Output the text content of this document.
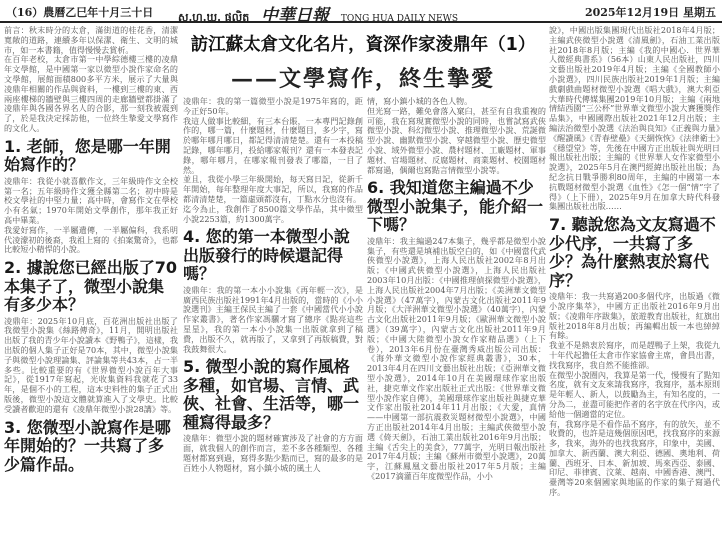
（16）農曆乙巳年十月三十日 ស.ហ.ឃ. ផលិត 中華日報 TONG HUA DAILY NEWS	2025年12月19日 星期五
訪江蘇太倉文化名片，資深作家淩鼎年（1）
——文學寫作，終生摯愛

前言：秋末時分的太倉，滿街道的桂花香，清潔寬敞的道路，連續多年以保潔、衛生、文明的城市，如一本書籍，值得慢慢去賞析。

在百年老校，太倉市第一中學綜德樓三樓的凌鼎年文學館，是中國第一家以微型小說作家命名的文學館，展館面積800多平方米，展示了大量與凌鼎年相關的作品與資料，一樓到三樓的東、西兩座樓梯的牆壁與三樓四周的走廊牆壁都掛滿了凌鼎年與各國各界名人的合影，那一刻我被震到了，於是我決定採訪他，一位終生摯愛文學寫作的文化人。

1. 老師，您是哪一年開始寫作的？

凌鼎年：我從小就喜歡作文，三年級時作文全校第一名；五年級時作文獲全縣第二名；初中時是校文學社的中堅力量；高中時，會寫作文在學校小有名氣；1970年開始文學創作，那年我正好高中畢業。

我愛好寫作，一半屬遺傳，一半屬偏科，我系明代凌濛初的後裔，我祖上寫的《拍案驚奇》，也都比較短小精悍的小說。

2. 據說您已經出版了70本集子了，微型小說集有多少本？

凌鼎年：2025年10月底，百花洲出版社出版了我微型小說集《絲路傳奇》，11月，開明出版社出版了我的青少年小說讀本《野鴨子》，這樣，我出版的個人集子正好是70本，其中，微型小說集子與微型小說理論集、評論集等共43本，占一半多些。比較重要的有《世界微型小說百年大事記》，從1917年寫起，光收集資料我就花了33年，是個不小的工程，這本史料性的集子正式出版後，微型小說這文體就算進入了文學史。比較受讀者歡迎的還有《凌鼎年微型小說28講》等。

3. 您微型小說寫作是哪年開始的？一共寫了多少篇作品。

凌鼎年：我的第一篇微型小說是1975年寫的，距今正好50年。

我這人做事比較細，有三本台賬，一本專門記錄創作的，哪一篇，什麼題材，什麼題目，多少字，寫於哪年哪月哪日，都記得清清楚楚。還有一本投稿記錄，哪年哪月，投給哪家報刊？還有一本發表記錄，哪年哪月，在哪家報刊發表了哪篇，一目了然。

並且，我從小學三年級開始，每天寫日記，從新千年開始，每年整理年度大事記，所以，我寫的作品都清清楚楚，一篇虛頭都沒有，丁點水分也沒有。

迄今為止，我創作了8500篇文學作品，其中微型小說2253篇，約1300萬字。

4. 您的第一本微型小說出版發行的時候還記得嗎？

凌鼎年：我的第一本小小說集《再年輕一次》，是廣西民族出版社1991年4月出版的，當時的《小小說選刊》主編王保民主編了一套《中國當代小小說作家叢書》，著名作家馮驥才寫了總序《點亮這些星星》，我的第一本小小說集一出版就拿到了稿費，出版不久，就再版了，又拿到了再版稿費，對我鼓舞很大。

5. 微型小說的寫作風格多種，如官場、言情、武俠、社會、生活等，哪一種寫得最多？

凌鼎年：微型小說的題材確實涉及了社會的方方面面，就我個人的創作而言，差不多各種類型、各種題材都寫到過，寫得多點少點而已，寫的最多的是百姓小人物題材，寫小鎮小城的風土人

情，寫小鎮小城的各色人物。

但光寫一路，難免會落入窠臼，甚至有自我重複的可能，我在寫現實微型小說的同時，也嘗試寫武俠微型小說、科幻微型小說、推理微型小說、荒誕微型小說、幽默微型小說、穿越微型小說、歷史微型小說、域外微型小說、農村題材、工廠題材、軍事題材、官場題材、反腐題材、商業題材、校園題材都寫過，偶爾也寫點言情微型小說等。

6. 我知道您主編過不少微型小說集子，能介紹一下嗎？

凌鼎年：我主編過247本集子，幾乎都是微型小說集子，有些還是填補出版空白的，如《中國當代武俠微型小說選》，上海人民出版社2002年8月出版；《中國武俠微型小說選》，上海人民出版社2003年10月出版：《中國推理偵探微型小說選》，上海人民出版社2004年7月出版；《美洲華文微型小說選》（47萬字），內蒙古文化出版社2011年9月版；《大洋洲華文微型小說選》（40萬字），內蒙古文化出版社2011年9月版；《歐洲華文微型小說選》（39萬字），內蒙古文化出版社2011年9月版；《中國大陸微型小說女作家精品選》（上下卷），2013年6月份在臺灣秀威出版公司出版：《海外華文微型小說作家經典叢書》，30本，2013年4月在四川文藝出版社出版；《亞洲華文微型小說選》，2014年10月在美國環球作家出版社，捷克華文作家出版社正式出版：《世界華文微型小說作家自傳》，美國環球作家出版社與捷克華文作家出版社2014年11月出版；《大愛，真情——中國第一部抗震救災題材微型小說選》，中國方正出版社2014年4月出版；主編武俠微型小說選《倚天劍》，石油工業出版社2016年9月出版；主編《舌尖上的美食》，77萬字，光明日報出版社2017年4月版；主編《蘇州市微型小說選》，20萬字，江蘇鳳凰文藝出版社2017年5月版；主編《2017滴灌百年度微型作品，小小

說》，中國出版集團現代出版社2018年4月版；主編武俠微型小說選《清風劍》，石油工業出版社2018年8月版；主編《我的中國心．世界華人微經典書系》（56本）山東人民出版社，四川文藝出版社2019年4月版；主編《全國教師小小說選》，四川民族出版社2019年1月版；主編戲劇戲曲題材微型小說選《唱大戲》，澳大利亞大華時代傳媒集團2019年10月版；主編《兩地情結西園“三公杯”世界華文微型小說大賽獲獎作品集》，中國國際出版社2021年12月出版；主編法治微型小說選《法治與良知》《正義與力量》《醒讀風》《青春壁壘》《天網恢恢》《法律衛士》《穩望堂》等，先後在中國方正出版社與光明日報出版社出版；主編的《世界華人女作家微型小說選》，2025年5月在澳門經緯出版社出版；為紀念抗日戰爭勝利80周年，主編的中國第一本抗戰題材微型小說選《血性》《怎一個“情”字了得》（上下冊），2025年9月在加拿大時代科發集團出版社出版……

7. 聽說您為文友寫過不少代序，一共寫了多少？為什麼熱衷於寫代序？

凌鼎年：我一共寫過200多個代序，出版過《微小說序集萃》，中國方正出版社2016年9月出版；《凌鼎年序跋集》，旅遊教育出版社，紅旗出版社2018年8月出版；再編輯出版一本也綽綽有餘。

我並不是熱衷於寫序，而是趕鴨子上架，我從九十年代起擔任太倉市作家協會主席，會員出書，找我寫序，我自然不能推卻。

在微型小說圈內，我算是第一代，慢慢有了點知名度，就有文友來請我寫序，我寫序，基本原則是年輕人、新人，以鼓勵為主，有知名度的，一分為二，並盡可能把作者的名字放在代序內，或給他一個適當的定位。

有，我寫序是不看作品不寫序，有的放矢，並不收費的，也許是這幾個原因吧，找我寫序的來源多，我來，海外的也找我寫序，印象中，美國、加拿大、新西蘭、澳大利亞、德國、奧地利、荷蘭、西班牙、日本、新加坡、馬來西亞、泰國、印尼、菲律賓、汶萊、越南、中國香港、澳門、臺灣等20來個國家與地區的作家的集子寫過代序。
